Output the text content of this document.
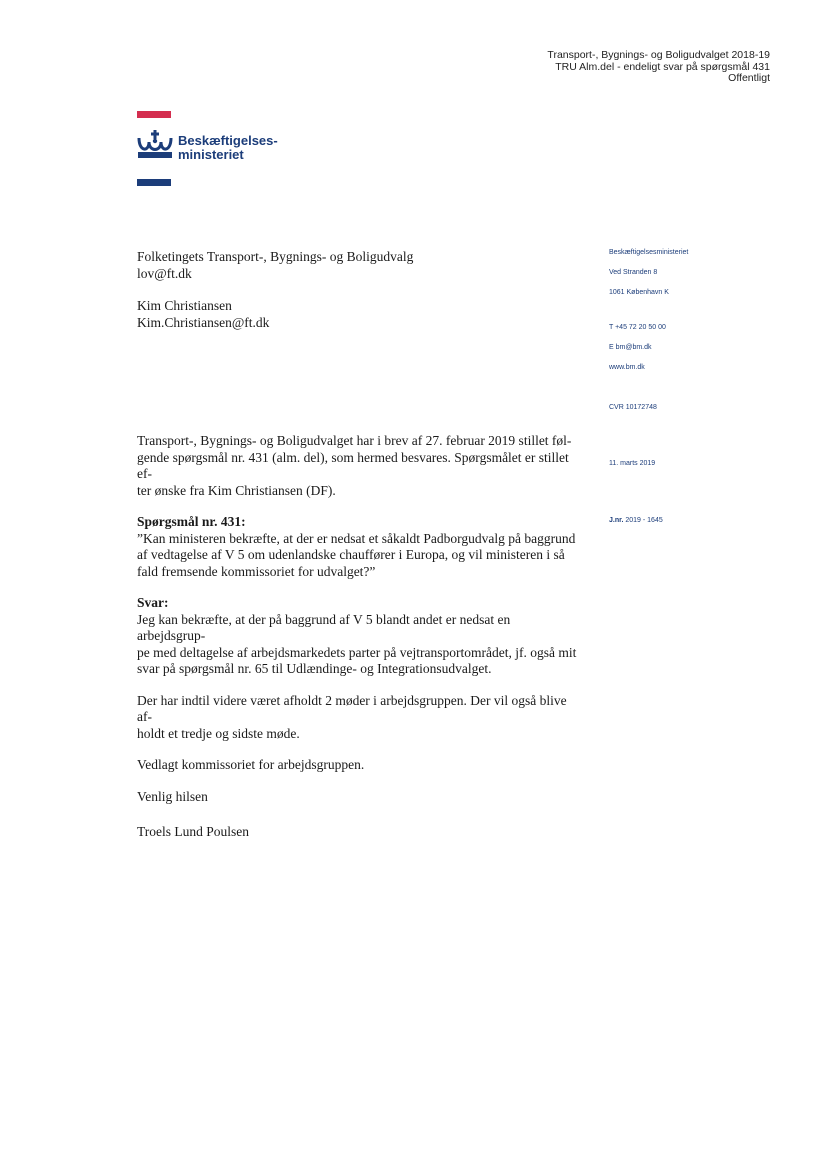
Transport-, Bygnings- og Boligudvalget 2018-19
TRU Alm.del - endeligt svar på spørgsmål 431
Offentligt
Beskæftigelses-
ministeriet
Folketingets Transport-, Bygnings- og Boligudvalg
lov@ft.dk
Kim Christiansen
Kim.Christiansen@ft.dk
Beskæftigelsesministeriet
Ved Stranden 8
1061 København K
T +45 72 20 50 00
E bm@bm.dk
www.bm.dk
CVR 10172748
11. marts 2019
J.nr. 2019 - 1645

Transport-, Bygnings- og Boligudvalget har i brev af 27. februar 2019 stillet føl-
gende spørgsmål nr. 431 (alm. del), som hermed besvares. Spørgsmålet er stillet ef-
ter ønske fra Kim Christiansen (DF).

Spørgsmål nr. 431:
”Kan ministeren bekræfte, at der er nedsat et såkaldt Padborgudvalg på baggrund
af vedtagelse af V 5 om udenlandske chauffører i Europa, og vil ministeren i så
fald fremsende kommissoriet for udvalget?”

Svar:
Jeg kan bekræfte, at der på baggrund af V 5 blandt andet er nedsat en arbejdsgrup-
pe med deltagelse af arbejdsmarkedets parter på vejtransportområdet, jf. også mit
svar på spørgsmål nr. 65 til Udlændinge- og Integrationsudvalget.

Der har indtil videre været afholdt 2 møder i arbejdsgruppen. Der vil også blive af-
holdt et tredje og sidste møde.

Vedlagt kommissoriet for arbejdsgruppen.

Venlig hilsen

Troels Lund Poulsen
